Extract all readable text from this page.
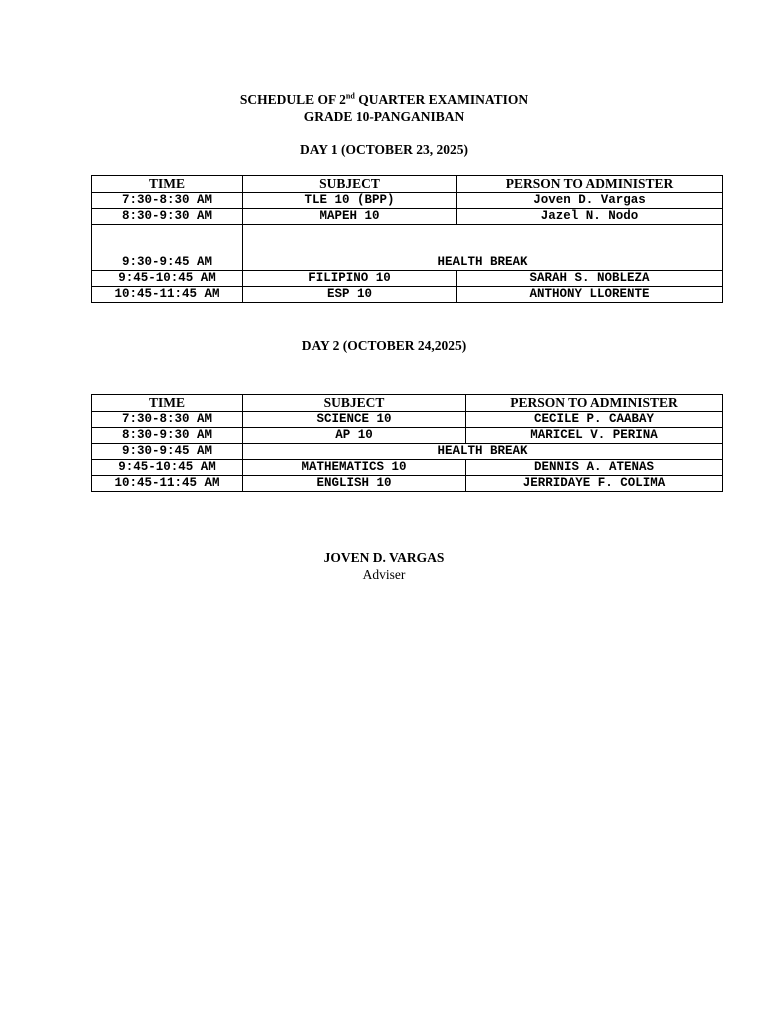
SCHEDULE OF 2nd QUARTER EXAMINATION
GRADE 10-PANGANIBAN
DAY 1 (OCTOBER 23, 2025)
TIME	SUBJECT	PERSON TO ADMINISTER
7:30-8:30 AM	TLE 10 (BPP)	Joven D. Vargas
8:30-9:30 AM	MAPEH 10	Jazel N. Nodo
9:30-9:45 AM	HEALTH BREAK	
9:45-10:45 AM	FILIPINO 10	SARAH S. NOBLEZA
10:45-11:45 AM	ESP 10	ANTHONY LLORENTE
DAY 2 (OCTOBER 24,2025)
TIME	SUBJECT	PERSON TO ADMINISTER
7:30-8:30 AM	SCIENCE 10	CECILE P. CAABAY
8:30-9:30 AM	AP 10	MARICEL V. PERINA
9:30-9:45 AM	HEALTH BREAK	
9:45-10:45 AM	MATHEMATICS 10	DENNIS A. ATENAS
10:45-11:45 AM	ENGLISH 10	JERRIDAYE F. COLIMA
JOVEN D. VARGAS
Adviser
